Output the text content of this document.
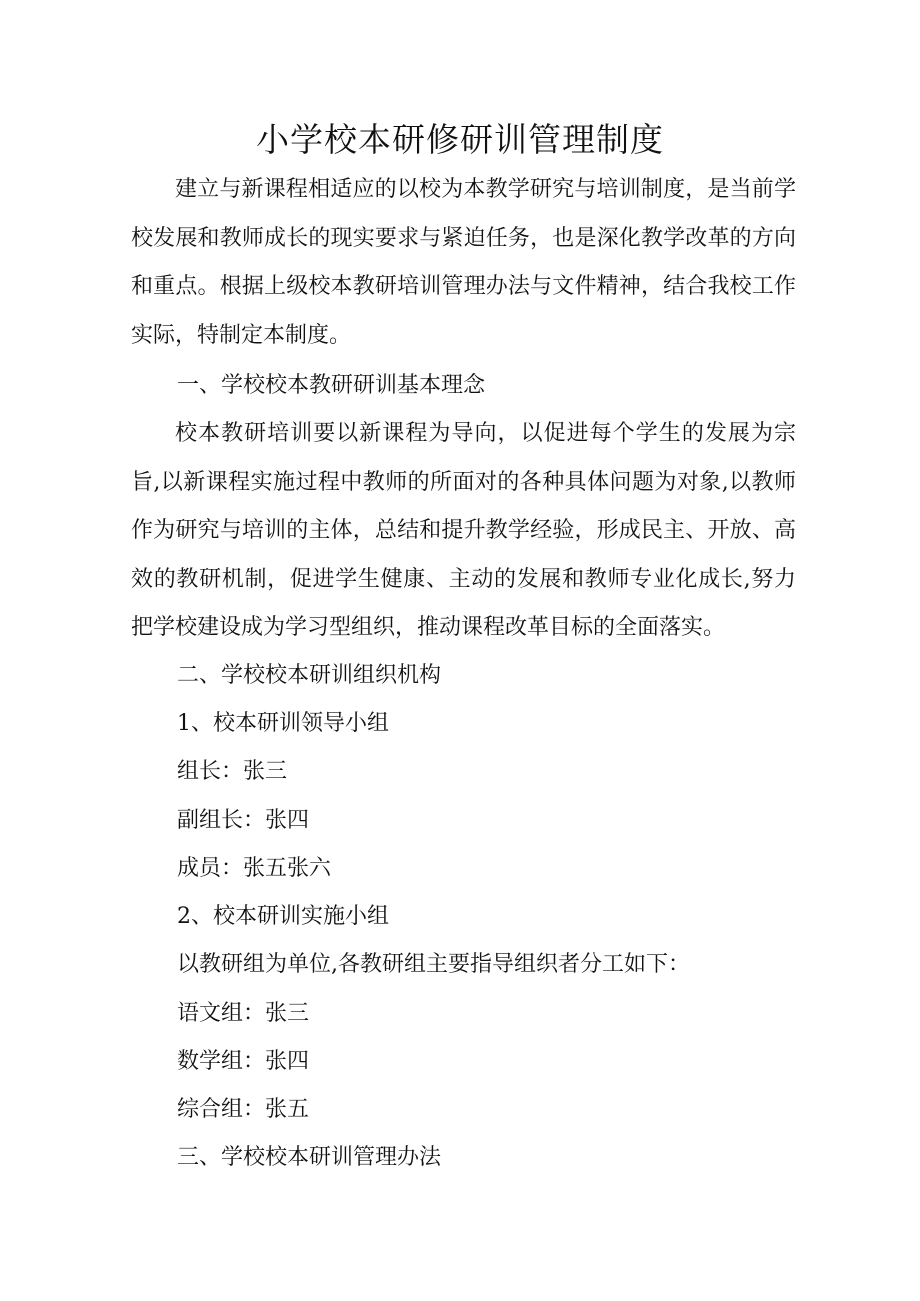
小学校本研修研训管理制度

建立与新课程相适应的以校为本教学研究与培训制度，是当前学校发展和教师成长的现实要求与紧迫任务，也是深化教学改革的方向和重点。根据上级校本教研培训管理办法与文件精神，结合我校工作实际，特制定本制度。

一、学校校本教研研训基本理念

校本教研培训要以新课程为导向，以促进每个学生的发展为宗旨,以新课程实施过程中教师的所面对的各种具体问题为对象,以教师作为研究与培训的主体，总结和提升教学经验，形成民主、开放、高效的教研机制，促进学生健康、主动的发展和教师专业化成长,努力把学校建设成为学习型组织，推动课程改革目标的全面落实。

二、学校校本研训组织机构

1、校本研训领导小组

组长：张三

副组长：张四

成员：张五张六

2、校本研训实施小组

以教研组为单位,各教研组主要指导组织者分工如下：

语文组：张三

数学组：张四

综合组：张五

三、学校校本研训管理办法
